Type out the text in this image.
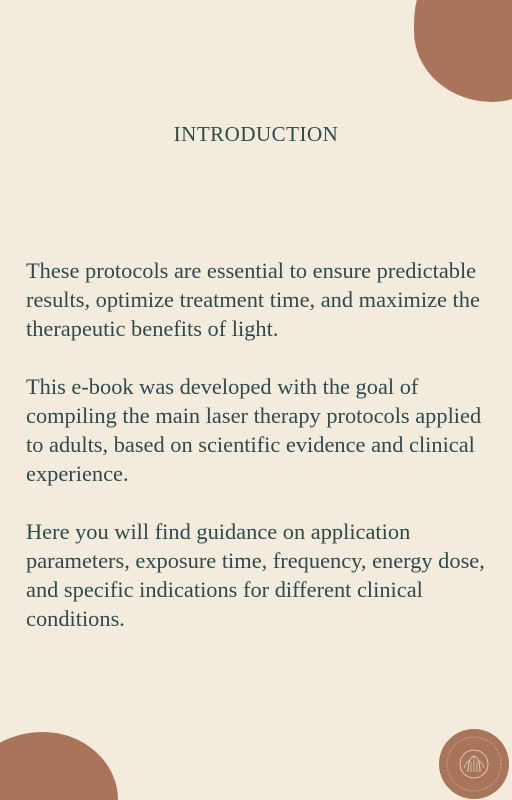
INTRODUCTION

These protocols are essential to ensure predictable results, optimize treatment time, and maximize the therapeutic benefits of light.

This e-book was developed with the goal of compiling the main laser therapy protocols applied to adults, based on scientific evidence and clinical experience.

Here you will find guidance on application parameters, exposure time, frequency, energy dose, and specific indications for different clinical conditions.
